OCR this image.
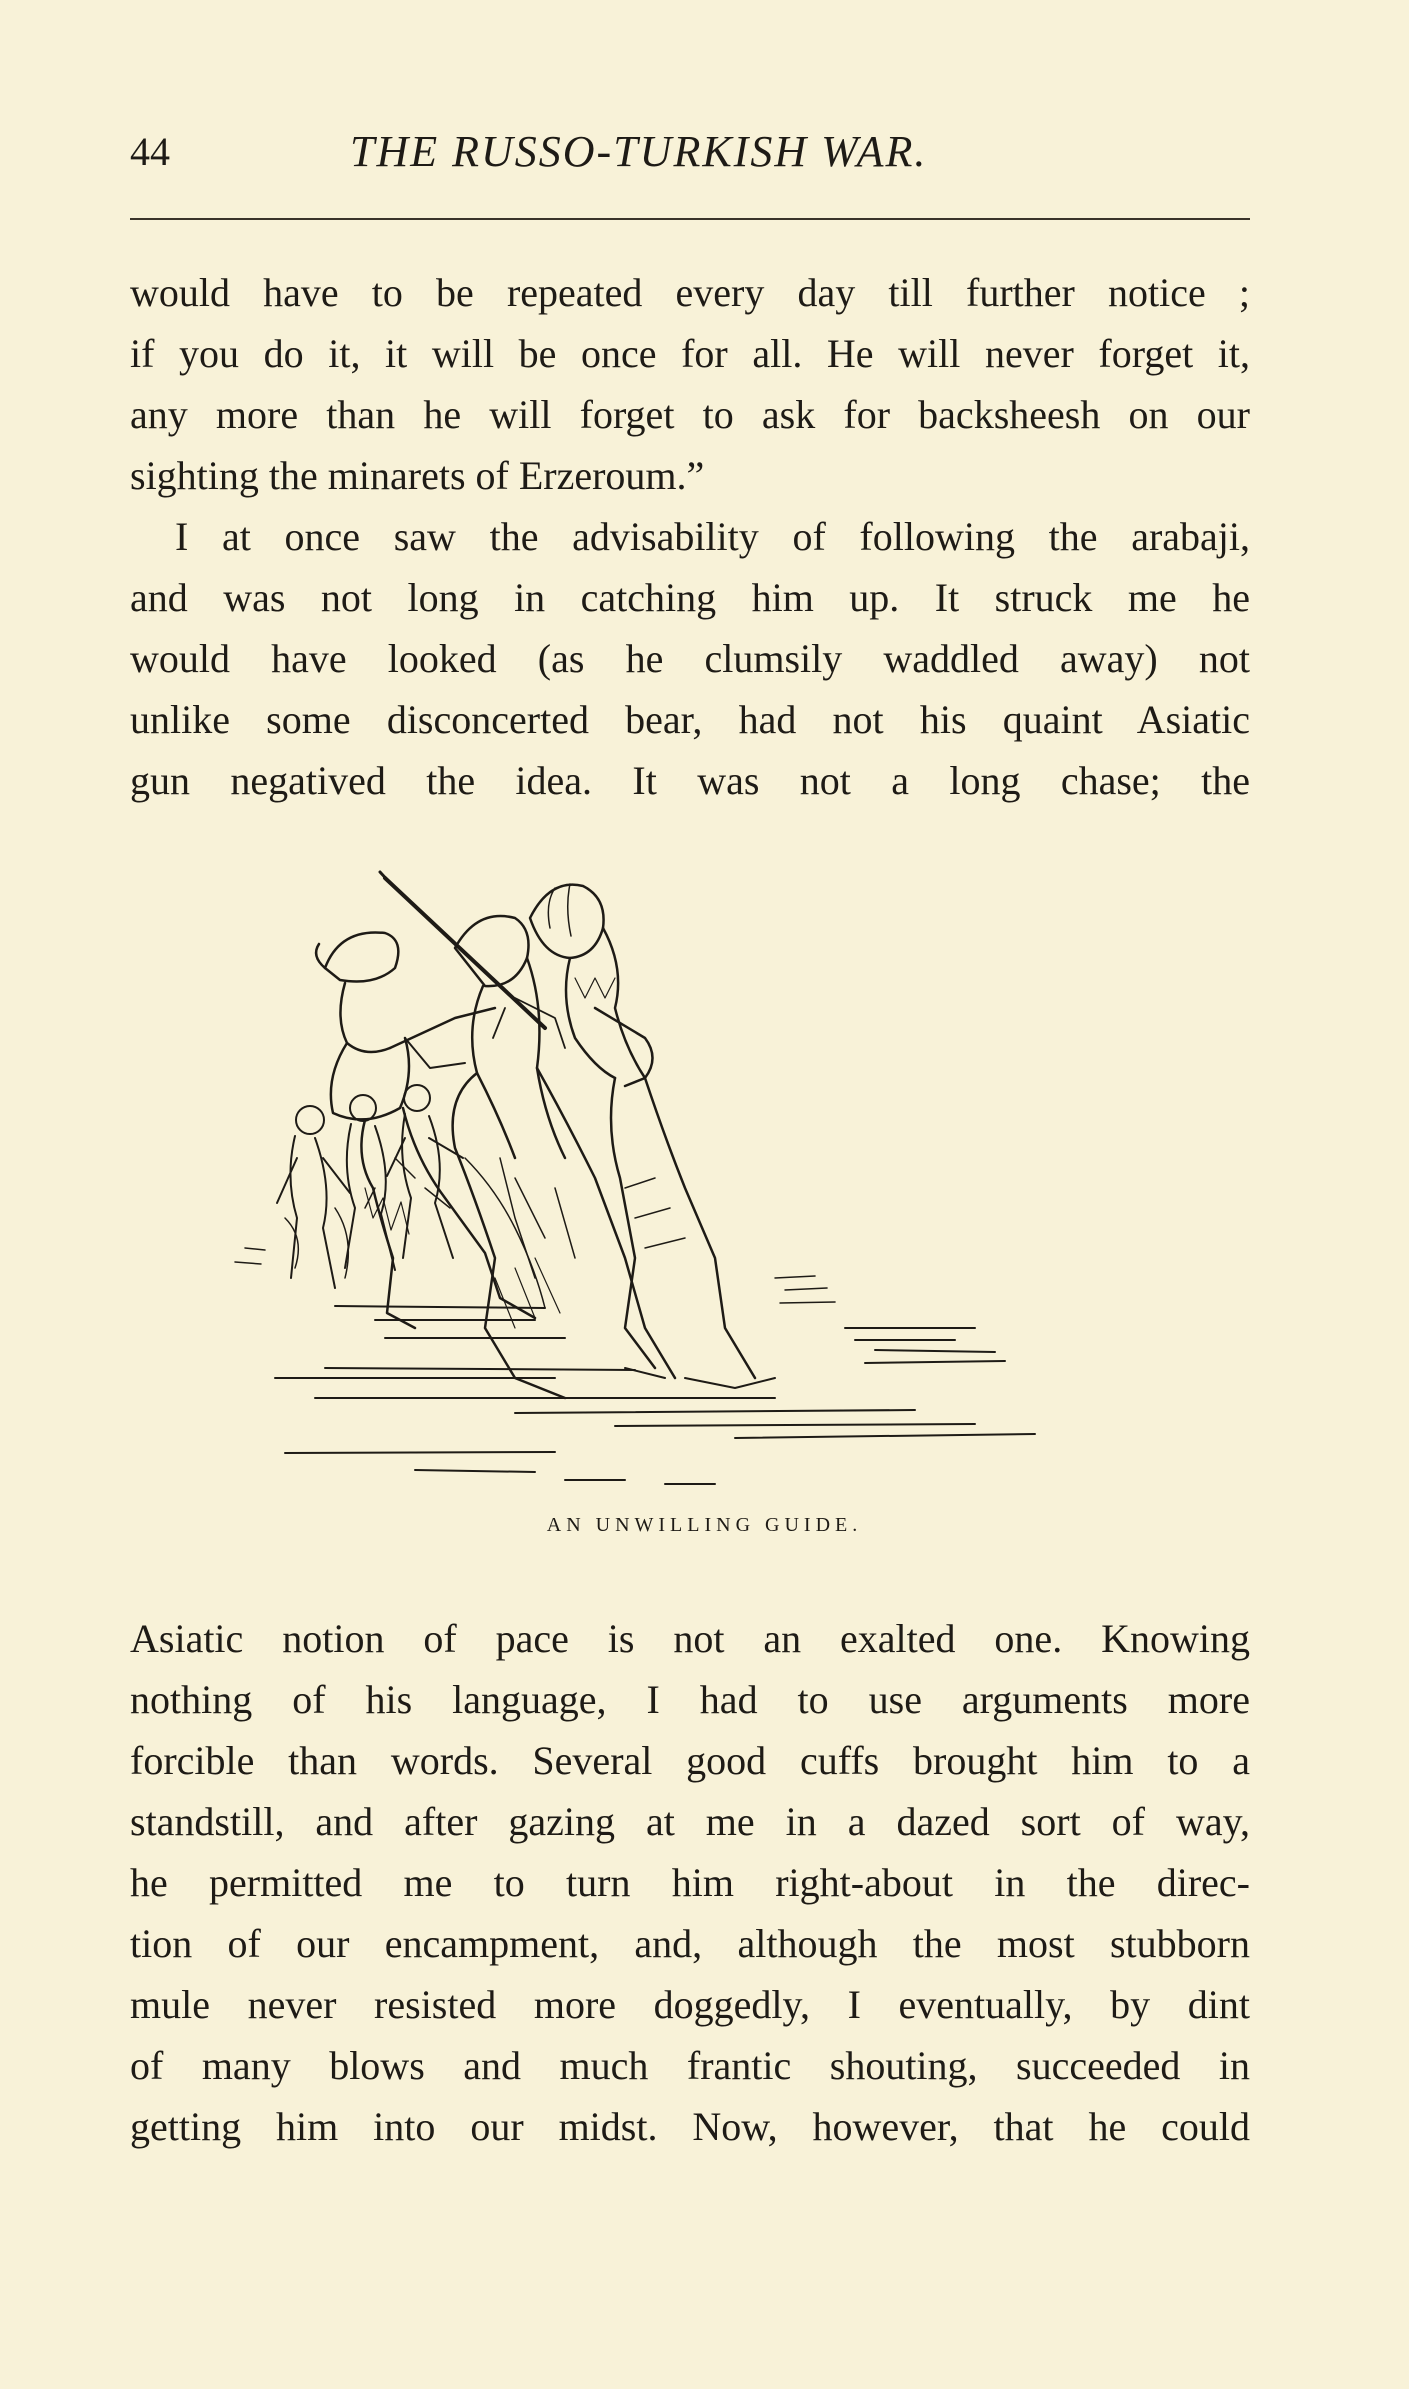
44	THE RUSSO-TURKISH WAR.
would have to be repeated every day till further notice ;
if you do it, it will be once for all. He will never forget it,
any more than he will forget to ask for backsheesh on our
sighting the minarets of Erzeroum.”
I at once saw the advisability of following the arabaji,
and was not long in catching him up. It struck me he
would have looked (as he clumsily waddled away) not
unlike some disconcerted bear, had not his quaint Asiatic
gun negatived the idea. It was not a long chase; the
AN UNWILLING GUIDE.
Asiatic notion of pace is not an exalted one. Knowing
nothing of his language, I had to use arguments more
forcible than words. Several good cuffs brought him to a
standstill, and after gazing at me in a dazed sort of way,
he permitted me to turn him right-about in the direc-
tion of our encampment, and, although the most stubborn
mule never resisted more doggedly, I eventually, by dint
of many blows and much frantic shouting, succeeded in
getting him into our midst. Now, however, that he could
